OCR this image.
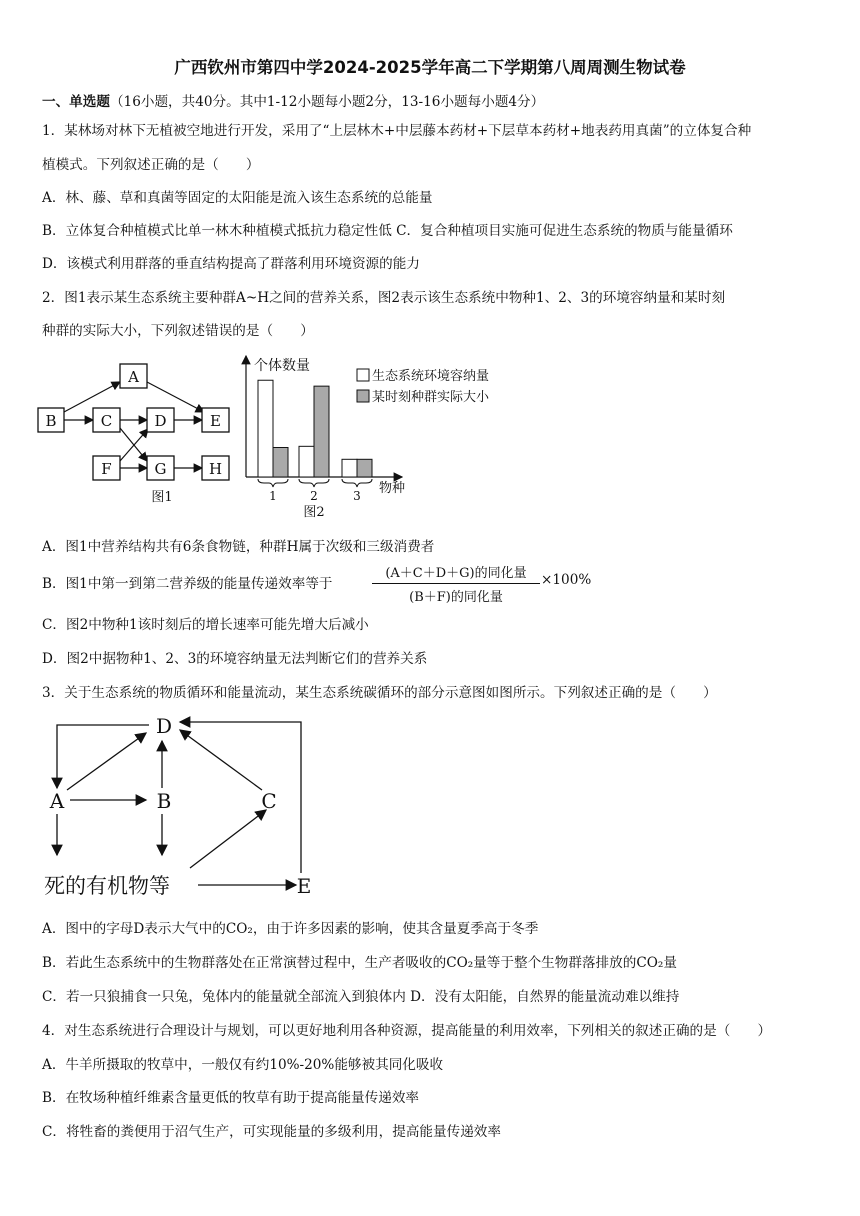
广西钦州市第四中学2024-2025学年高二下学期第八周周测生物试卷
一、单选题（16小题，共40分。其中1-12小题每小题2分，13-16小题每小题4分）
1．某林场对林下无植被空地进行开发，采用了“上层林木+中层藤本药材+下层草本药材+地表药用真菌”的立体复合种
植模式。下列叙述正确的是（　　）
A．林、藤、草和真菌等固定的太阳能是流入该生态系统的总能量
B．立体复合种植模式比单一林木种植模式抵抗力稳定性低 C．复合种植项目实施可促进生态系统的物质与能量循环
D．该模式利用群落的垂直结构提高了群落利用环境资源的能力
2．图1表示某生态系统主要种群A~H之间的营养关系，图2表示该生态系统中物种1、2、3的环境容纳量和某时刻
种群的实际大小，下列叙述错误的是（　　）
A
B	C	D	E
F	G	H
图1	1	2	3
图2
个体数量
物种
生态系统环境容纳量
某时刻种群实际大小
A．图1中营养结构共有6条食物链，种群H属于次级和三级消费者
B．图1中第一到第二营养级的能量传递效率等于
(A＋C＋D＋G)的同化量
(B＋F)的同化量
×100%
C．图2中物种1该时刻后的增长速率可能先增大后减小
D．图2中据物种1、2、3的环境容纳量无法判断它们的营养关系
3．关于生态系统的物质循环和能量流动，某生态系统碳循环的部分示意图如图所示。下列叙述正确的是（　　）
D
A	B	C
E
死的有机物等
A．图中的字母D表示大气中的CO₂，由于许多因素的影响，使其含量夏季高于冬季
B．若此生态系统中的生物群落处在正常演替过程中，生产者吸收的CO₂量等于整个生物群落排放的CO₂量
C．若一只狼捕食一只兔，兔体内的能量就全部流入到狼体内 D．没有太阳能，自然界的能量流动难以维持
4．对生态系统进行合理设计与规划，可以更好地利用各种资源，提高能量的利用效率，下列相关的叙述正确的是（　　）
A．牛羊所摄取的牧草中，一般仅有约10%-20%能够被其同化吸收
B．在牧场种植纤维素含量更低的牧草有助于提高能量传递效率
C．将牲畜的粪便用于沼气生产，可实现能量的多级利用，提高能量传递效率
